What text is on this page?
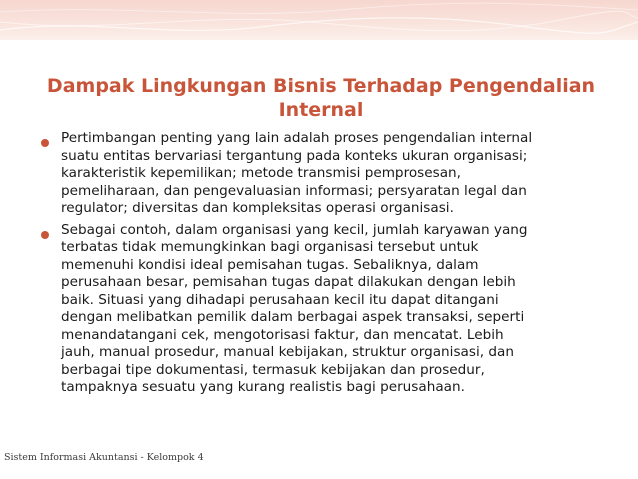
Dampak Lingkungan Bisnis Terhadap Pengendalian
Internal

Pertimbangan penting yang lain adalah proses pengendalian internal
suatu entitas bervariasi tergantung pada konteks ukuran organisasi;
karakteristik kepemilikan; metode transmisi pemprosesan,
pemeliharaan, dan pengevaluasian informasi; persyaratan legal dan
regulator; diversitas dan kompleksitas operasi organisasi.

Sebagai contoh, dalam organisasi yang kecil, jumlah karyawan yang
terbatas tidak memungkinkan bagi organisasi tersebut untuk
memenuhi kondisi ideal pemisahan tugas. Sebaliknya, dalam
perusahaan besar, pemisahan tugas dapat dilakukan dengan lebih
baik. Situasi yang dihadapi perusahaan kecil itu dapat ditangani
dengan melibatkan pemilik dalam berbagai aspek transaksi, seperti
menandatangani cek, mengotorisasi faktur, dan mencatat. Lebih
jauh, manual prosedur, manual kebijakan, struktur organisasi, dan
berbagai tipe dokumentasi, termasuk kebijakan dan prosedur,
tampaknya sesuatu yang kurang realistis bagi perusahaan.

Sistem Informasi Akuntansi - Kelompok 4
